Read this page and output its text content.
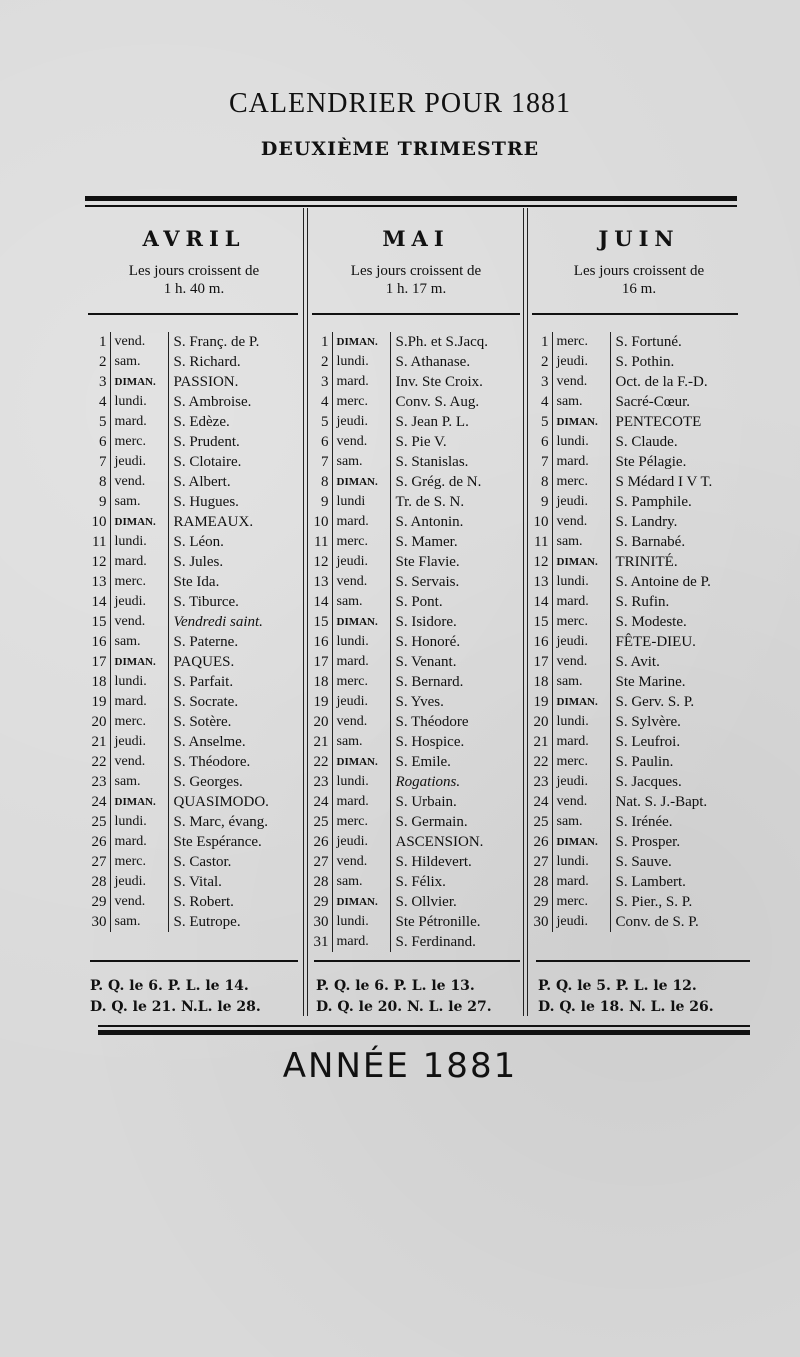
CALENDRIER POUR 1881
DEUXIÈME TRIMESTRE
AVRIL
Les jours croissent de
1 h. 40 m.
MAI
Les jours croissent de
1 h. 17 m.
JUIN
Les jours croissent de
16 m.
1	vend.	S. Franç. de P.
2	sam.	S. Richard.
3	DIMAN.	PASSION.
4	lundi.	S. Ambroise.
5	mard.	S. Edèze.
6	merc.	S. Prudent.
7	jeudi.	S. Clotaire.
8	vend.	S. Albert.
9	sam.	S. Hugues.
10	DIMAN.	RAMEAUX.
11	lundi.	S. Léon.
12	mard.	S. Jules.
13	merc.	Ste Ida.
14	jeudi.	S. Tiburce.
15	vend.	Vendredi saint.
16	sam.	S. Paterne.
17	DIMAN.	PAQUES.
18	lundi.	S. Parfait.
19	mard.	S. Socrate.
20	merc.	S. Sotère.
21	jeudi.	S. Anselme.
22	vend.	S. Théodore.
23	sam.	S. Georges.
24	DIMAN.	QUASIMODO.
25	lundi.	S. Marc, évang.
26	mard.	Ste Espérance.
27	merc.	S. Castor.
28	jeudi.	S. Vital.
29	vend.	S. Robert.
30	sam.	S. Eutrope.
1	DIMAN.	S.Ph. et S.Jacq.
2	lundi.	S. Athanase.
3	mard.	Inv. Ste Croix.
4	merc.	Conv. S. Aug.
5	jeudi.	S. Jean P. L.
6	vend.	S. Pie V.
7	sam.	S. Stanislas.
8	DIMAN.	S. Grég. de N.
9	lundi	Tr. de S. N.
10	mard.	S. Antonin.
11	merc.	S. Mamer.
12	jeudi.	Ste Flavie.
13	vend.	S. Servais.
14	sam.	S. Pont.
15	DIMAN.	S. Isidore.
16	lundi.	S. Honoré.
17	mard.	S. Venant.
18	merc.	S. Bernard.
19	jeudi.	S. Yves.
20	vend.	S. Théodore
21	sam.	S. Hospice.
22	DIMAN.	S. Emile.
23	lundi.	Rogations.
24	mard.	S. Urbain.
25	merc.	S. Germain.
26	jeudi.	ASCENSION.
27	vend.	S. Hildevert.
28	sam.	S. Félix.
29	DIMAN.	S. Ollvier.
30	lundi.	Ste Pétronille.
31	mard.	S. Ferdinand.
1	merc.	S. Fortuné.
2	jeudi.	S. Pothin.
3	vend.	Oct. de la F.-D.
4	sam.	Sacré-Cœur.
5	DIMAN.	PENTECOTE
6	lundi.	S. Claude.
7	mard.	Ste Pélagie.
8	merc.	S Médard I V T.
9	jeudi.	S. Pamphile.
10	vend.	S. Landry.
11	sam.	S. Barnabé.
12	DIMAN.	TRINITÉ.
13	lundi.	S. Antoine de P.
14	mard.	S. Rufin.
15	merc.	S. Modeste.
16	jeudi.	FÊTE-DIEU.
17	vend.	S. Avit.
18	sam.	Ste Marine.
19	DIMAN.	S. Gerv. S. P.
20	lundi.	S. Sylvère.
21	mard.	S. Leufroi.
22	merc.	S. Paulin.
23	jeudi.	S. Jacques.
24	vend.	Nat. S. J.-Bapt.
25	sam.	S. Irénée.
26	DIMAN.	S. Prosper.
27	lundi.	S. Sauve.
28	mard.	S. Lambert.
29	merc.	S. Pier., S. P.
30	jeudi.	Conv. de S. P.
P. Q. le 6. P. L. le 14.
D. Q. le 21. N.L. le 28.
P. Q. le 6. P. L. le 13.
D. Q. le 20. N. L. le 27.
P. Q. le 5. P. L. le 12.
D. Q. le 18. N. L. le 26.
ANNÉE 1881
